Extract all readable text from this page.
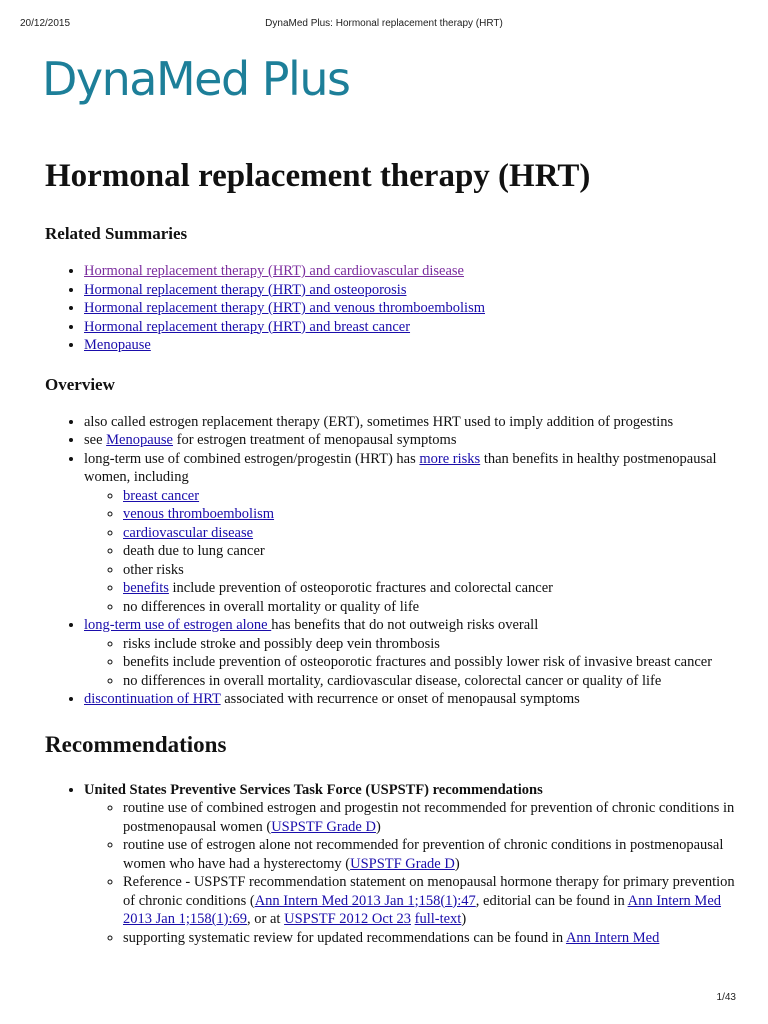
20/12/2015	DynaMed Plus: Hormonal replacement therapy (HRT)
DynaMed Plus
Hormonal replacement therapy (HRT)
Related Summaries
• Hormonal replacement therapy (HRT) and cardiovascular disease
• Hormonal replacement therapy (HRT) and osteoporosis
• Hormonal replacement therapy (HRT) and venous thromboembolism
• Hormonal replacement therapy (HRT) and breast cancer
• Menopause
Overview
• also called estrogen replacement therapy (ERT), sometimes HRT used to imply addition of progestins
• see Menopause for estrogen treatment of menopausal symptoms
• long-term use of combined estrogen/progestin (HRT) has more risks than benefits in healthy postmenopausal women, including
◦ breast cancer
◦ venous thromboembolism
◦ cardiovascular disease
◦ death due to lung cancer
◦ other risks
◦ benefits include prevention of osteoporotic fractures and colorectal cancer
◦ no differences in overall mortality or quality of life
• long-term use of estrogen alone has benefits that do not outweigh risks overall
◦ risks include stroke and possibly deep vein thrombosis
◦ benefits include prevention of osteoporotic fractures and possibly lower risk of invasive breast cancer
◦ no differences in overall mortality, cardiovascular disease, colorectal cancer or quality of life
• discontinuation of HRT associated with recurrence or onset of menopausal symptoms
Recommendations
• United States Preventive Services Task Force (USPSTF) recommendations
◦ routine use of combined estrogen and progestin not recommended for prevention of chronic conditions in postmenopausal women (USPSTF Grade D)
◦ routine use of estrogen alone not recommended for prevention of chronic conditions in postmenopausal women who have had a hysterectomy (USPSTF Grade D)
◦ Reference - USPSTF recommendation statement on menopausal hormone therapy for primary prevention of chronic conditions (Ann Intern Med 2013 Jan 1;158(1):47, editorial can be found in Ann Intern Med 2013 Jan 1;158(1):69, or at USPSTF 2012 Oct 23 full-text)
◦ supporting systematic review for updated recommendations can be found in Ann Intern Med
1/43
